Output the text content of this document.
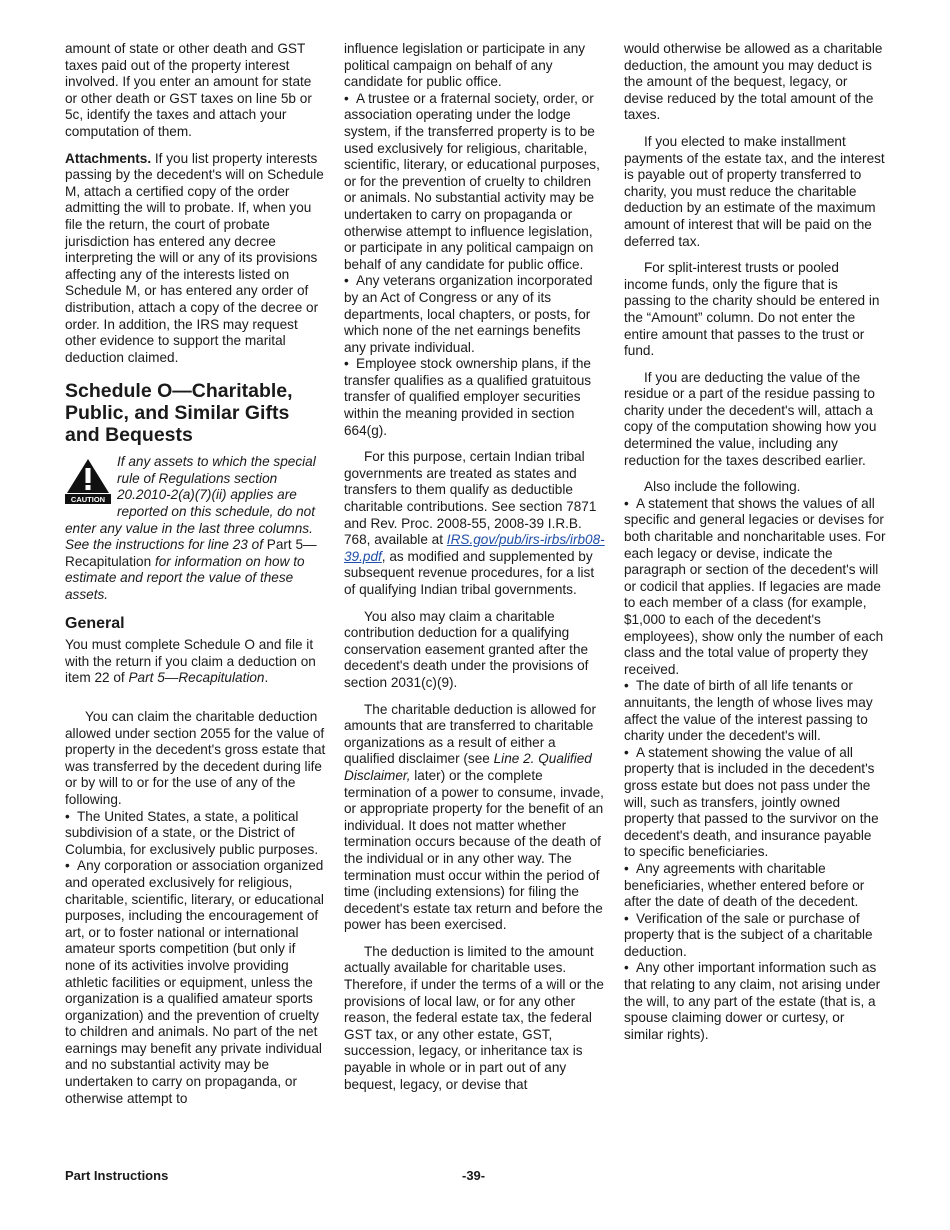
amount of state or other death and GST taxes paid out of the property interest involved. If you enter an amount for state or other death or GST taxes on line 5b or 5c, identify the taxes and attach your computation of them.

Attachments. If you list property interests passing by the decedent's will on Schedule M, attach a certified copy of the order admitting the will to probate. If, when you file the return, the court of probate jurisdiction has entered any decree interpreting the will or any of its provisions affecting any of the interests listed on Schedule M, or has entered any order of distribution, attach a copy of the decree or order. In addition, the IRS may request other evidence to support the marital deduction claimed.

Schedule O—Charitable, Public, and Similar Gifts and Bequests
CAUTION

If any assets to which the special rule of Regulations section 20.2010-2(a)(7)(ii) applies are reported on this schedule, do not enter any value in the last three columns. See the instructions for line 23 of Part 5—Recapitulation for information on how to estimate and report the value of these assets.

General

You must complete Schedule O and file it with the return if you claim a deduction on item 22 of Part 5—Recapitulation.

You can claim the charitable deduction allowed under section 2055 for the value of property in the decedent's gross estate that was transferred by the decedent during life or by will to or for the use of any of the following.

• The United States, a state, a political subdivision of a state, or the District of Columbia, for exclusively public purposes.

• Any corporation or association organized and operated exclusively for religious, charitable, scientific, literary, or educational purposes, including the encouragement of art, or to foster national or international amateur sports competition (but only if none of its activities involve providing athletic facilities or equipment, unless the organization is a qualified amateur sports organization) and the prevention of cruelty to children and animals. No part of the net earnings may benefit any private individual and no substantial activity may be undertaken to carry on propaganda, or otherwise attempt to

influence legislation or participate in any political campaign on behalf of any candidate for public office.

• A trustee or a fraternal society, order, or association operating under the lodge system, if the transferred property is to be used exclusively for religious, charitable, scientific, literary, or educational purposes, or for the prevention of cruelty to children or animals. No substantial activity may be undertaken to carry on propaganda or otherwise attempt to influence legislation, or participate in any political campaign on behalf of any candidate for public office.

• Any veterans organization incorporated by an Act of Congress or any of its departments, local chapters, or posts, for which none of the net earnings benefits any private individual.

• Employee stock ownership plans, if the transfer qualifies as a qualified gratuitous transfer of qualified employer securities within the meaning provided in section 664(g).

For this purpose, certain Indian tribal governments are treated as states and transfers to them qualify as deductible charitable contributions. See section 7871 and Rev. Proc. 2008-55, 2008-39 I.R.B. 768, available at IRS.gov/pub/irs-irbs/irb08-39.pdf, as modified and supplemented by subsequent revenue procedures, for a list of qualifying Indian tribal governments.

You also may claim a charitable contribution deduction for a qualifying conservation easement granted after the decedent's death under the provisions of section 2031(c)(9).

The charitable deduction is allowed for amounts that are transferred to charitable organizations as a result of either a qualified disclaimer (see Line 2. Qualified Disclaimer, later) or the complete termination of a power to consume, invade, or appropriate property for the benefit of an individual. It does not matter whether termination occurs because of the death of the individual or in any other way. The termination must occur within the period of time (including extensions) for filing the decedent's estate tax return and before the power has been exercised.

The deduction is limited to the amount actually available for charitable uses. Therefore, if under the terms of a will or the provisions of local law, or for any other reason, the federal estate tax, the federal GST tax, or any other estate, GST, succession, legacy, or inheritance tax is payable in whole or in part out of any bequest, legacy, or devise that

would otherwise be allowed as a charitable deduction, the amount you may deduct is the amount of the bequest, legacy, or devise reduced by the total amount of the taxes.

If you elected to make installment payments of the estate tax, and the interest is payable out of property transferred to charity, you must reduce the charitable deduction by an estimate of the maximum amount of interest that will be paid on the deferred tax.

For split-interest trusts or pooled income funds, only the figure that is passing to the charity should be entered in the “Amount” column. Do not enter the entire amount that passes to the trust or fund.

If you are deducting the value of the residue or a part of the residue passing to charity under the decedent's will, attach a copy of the computation showing how you determined the value, including any reduction for the taxes described earlier.

Also include the following.

• A statement that shows the values of all specific and general legacies or devises for both charitable and noncharitable uses. For each legacy or devise, indicate the paragraph or section of the decedent's will or codicil that applies. If legacies are made to each member of a class (for example, $1,000 to each of the decedent's employees), show only the number of each class and the total value of property they received.

• The date of birth of all life tenants or annuitants, the length of whose lives may affect the value of the interest passing to charity under the decedent's will.

• A statement showing the value of all property that is included in the decedent's gross estate but does not pass under the will, such as transfers, jointly owned property that passed to the survivor on the decedent's death, and insurance payable to specific beneficiaries.

• Any agreements with charitable beneficiaries, whether entered before or after the date of death of the decedent.

• Verification of the sale or purchase of property that is the subject of a charitable deduction.

• Any other important information such as that relating to any claim, not arising under the will, to any part of the estate (that is, a spouse claiming dower or curtesy, or similar rights).

Part Instructions	-39-
